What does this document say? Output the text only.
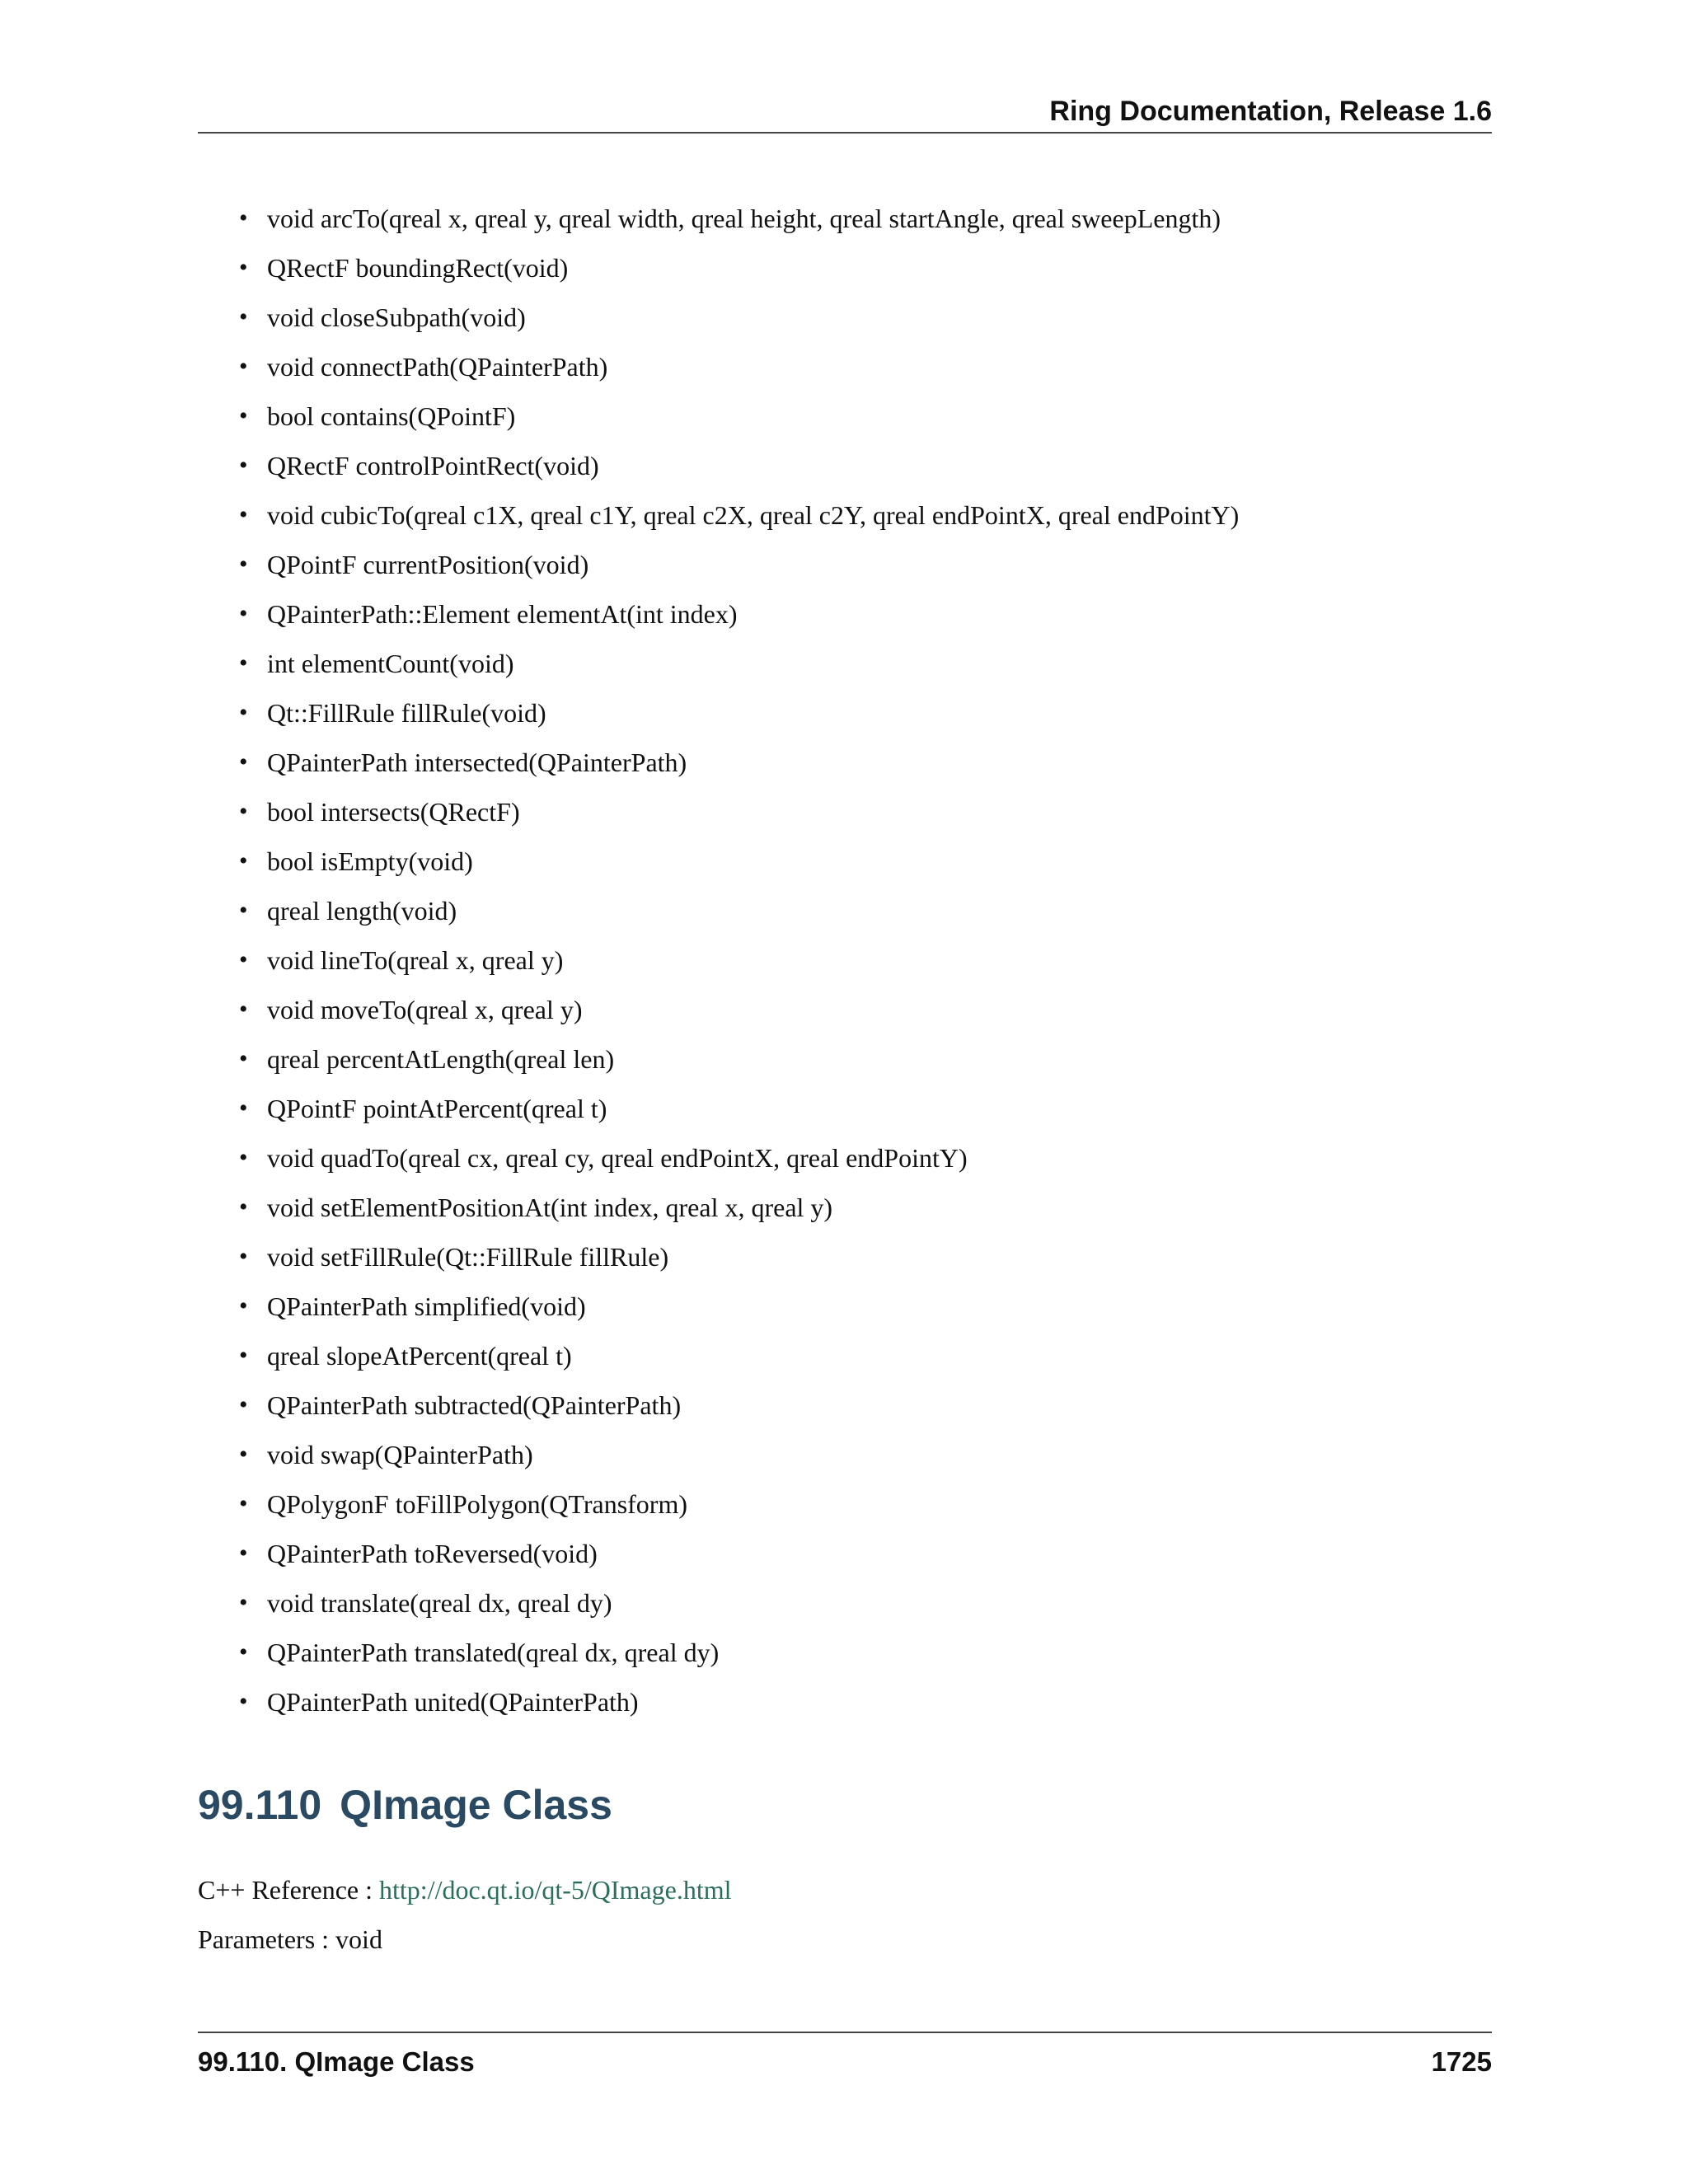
Ring Documentation, Release 1.6
• void arcTo(qreal x, qreal y, qreal width, qreal height, qreal startAngle, qreal sweepLength)
• QRectF boundingRect(void)
• void closeSubpath(void)
• void connectPath(QPainterPath)
• bool contains(QPointF)
• QRectF controlPointRect(void)
• void cubicTo(qreal c1X, qreal c1Y, qreal c2X, qreal c2Y, qreal endPointX, qreal endPointY)
• QPointF currentPosition(void)
• QPainterPath::Element elementAt(int index)
• int elementCount(void)
• Qt::FillRule fillRule(void)
• QPainterPath intersected(QPainterPath)
• bool intersects(QRectF)
• bool isEmpty(void)
• qreal length(void)
• void lineTo(qreal x, qreal y)
• void moveTo(qreal x, qreal y)
• qreal percentAtLength(qreal len)
• QPointF pointAtPercent(qreal t)
• void quadTo(qreal cx, qreal cy, qreal endPointX, qreal endPointY)
• void setElementPositionAt(int index, qreal x, qreal y)
• void setFillRule(Qt::FillRule fillRule)
• QPainterPath simplified(void)
• qreal slopeAtPercent(qreal t)
• QPainterPath subtracted(QPainterPath)
• void swap(QPainterPath)
• QPolygonF toFillPolygon(QTransform)
• QPainterPath toReversed(void)
• void translate(qreal dx, qreal dy)
• QPainterPath translated(qreal dx, qreal dy)
• QPainterPath united(QPainterPath)
99.110 QImage Class
C++ Reference : http://doc.qt.io/qt-5/QImage.html
Parameters : void
99.110. QImage Class	1725
